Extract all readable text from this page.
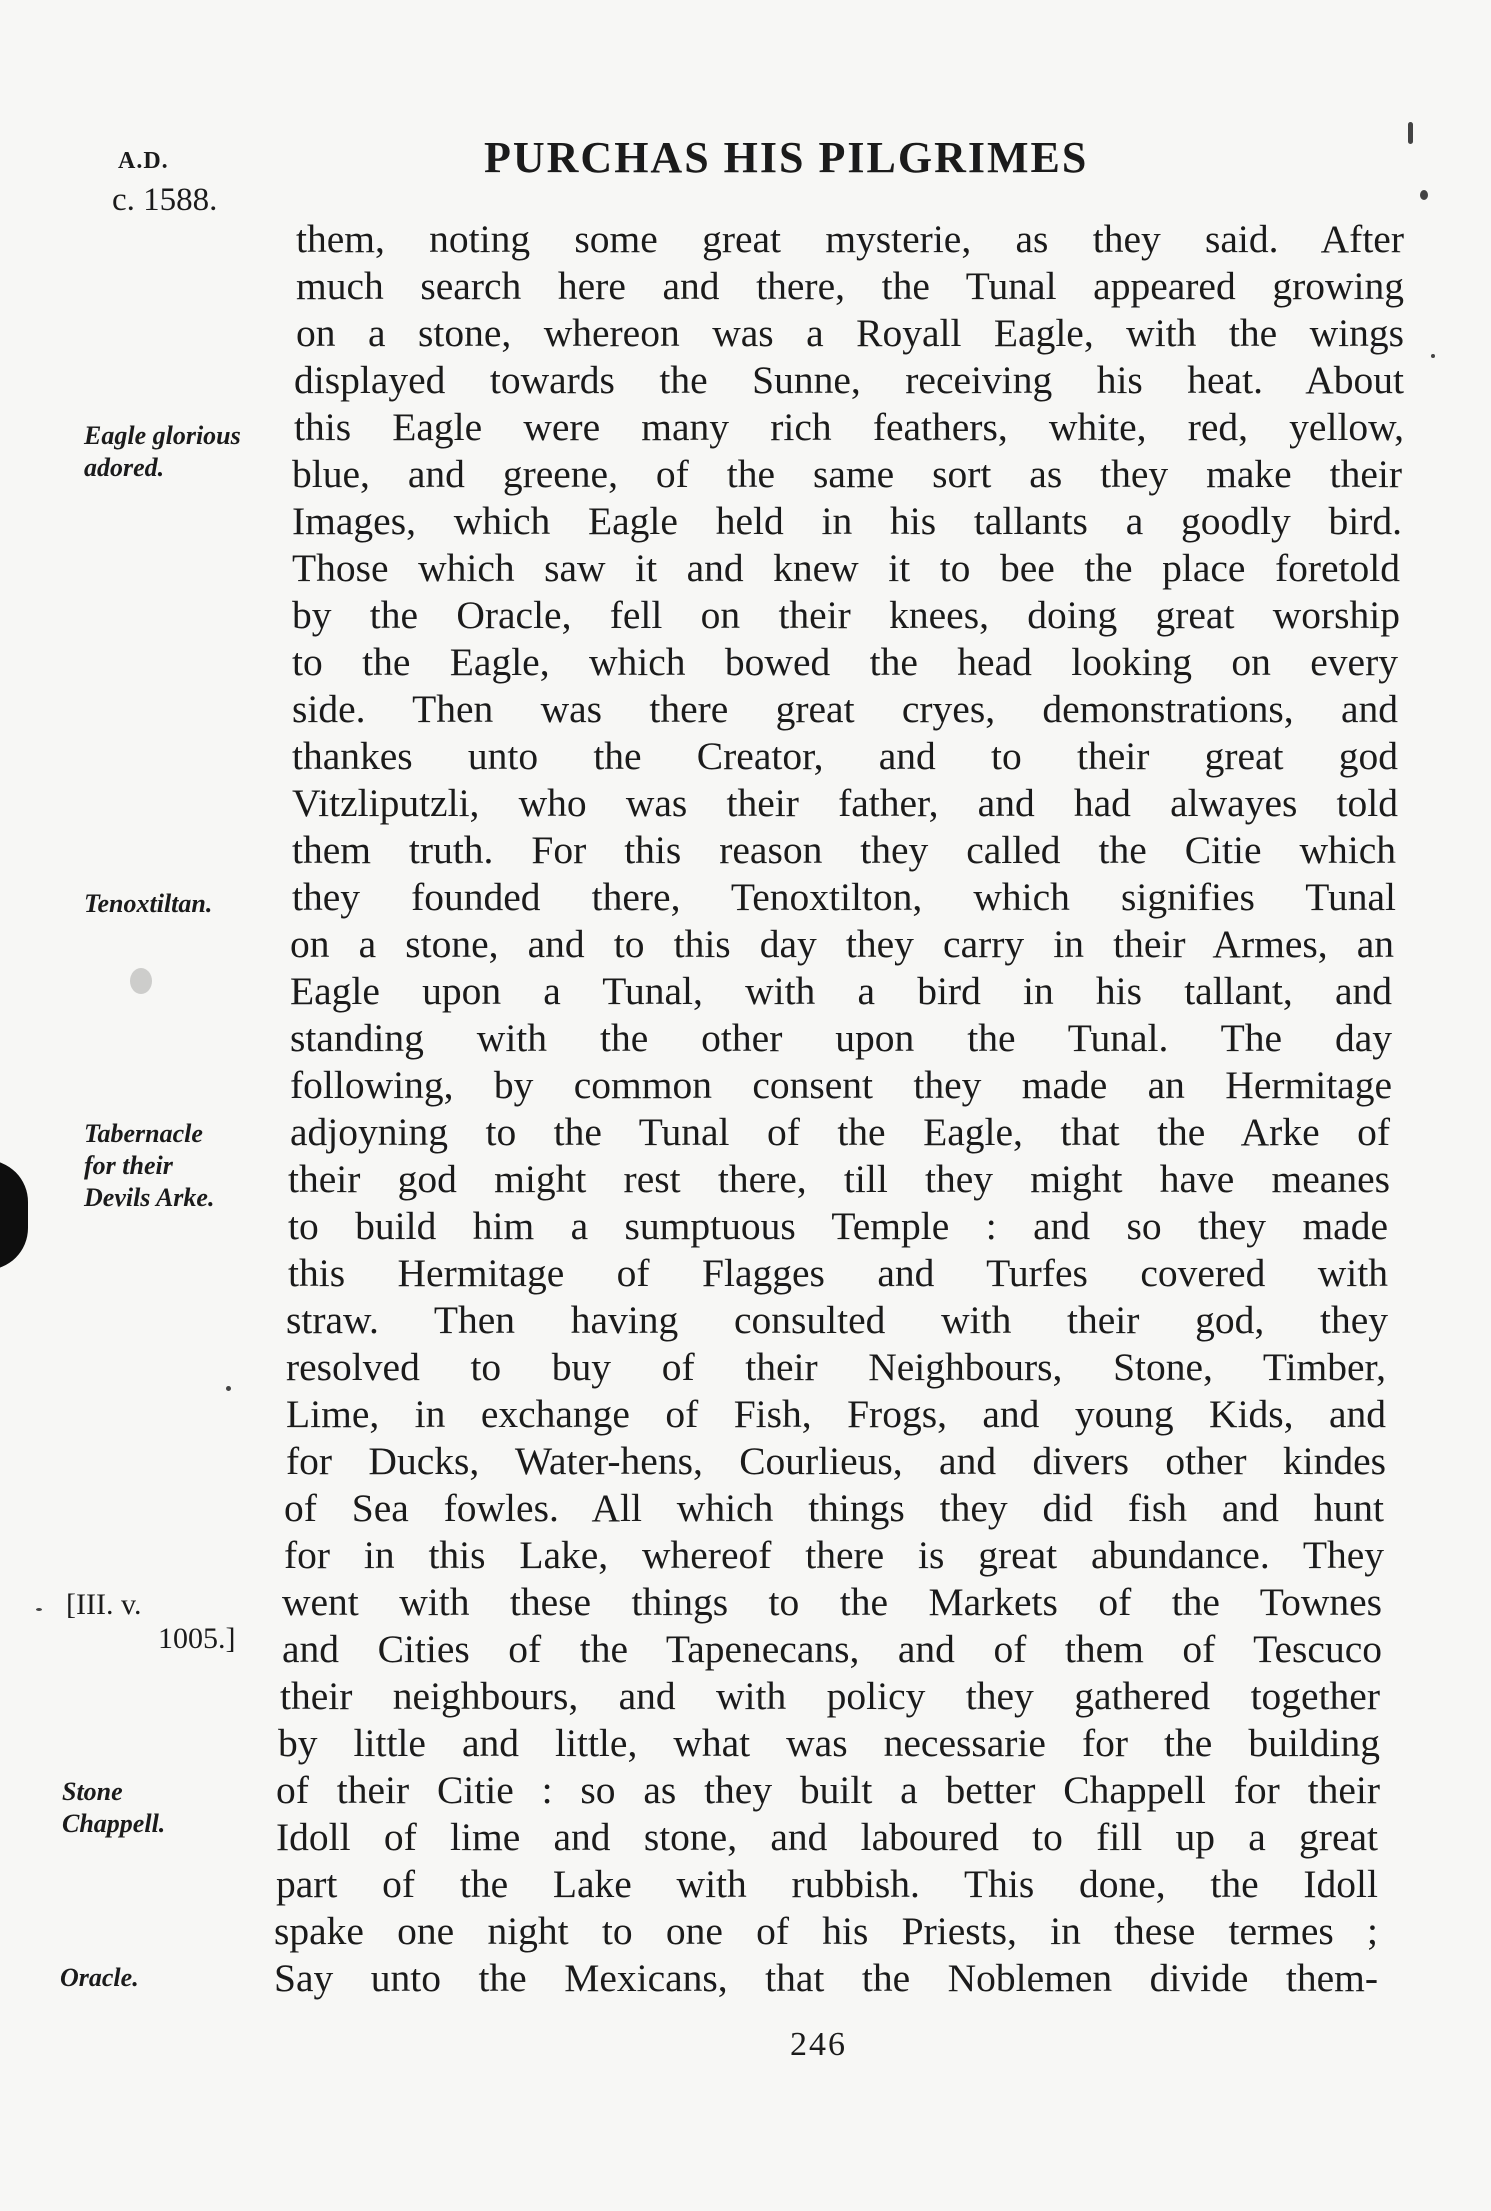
A.D.
c. 1588.
PURCHAS HIS PILGRIMES
them, noting some great mysterie, as they said. After
much search here and there, the Tunal appeared growing
on a stone, whereon was a Royall Eagle, with the wings
displayed towards the Sunne, receiving his heat. About
this Eagle were many rich feathers, white, red, yellow,
blue, and greene, of the same sort as they make their
Images, which Eagle held in his tallants a goodly bird.
Those which saw it and knew it to bee the place foretold
by the Oracle, fell on their knees, doing great worship
to the Eagle, which bowed the head looking on every
side. Then was there great cryes, demonstrations, and
thankes unto the Creator, and to their great god
Vitzliputzli, who was their father, and had alwayes told
them truth. For this reason they called the Citie which
they founded there, Tenoxtilton, which signifies Tunal
on a stone, and to this day they carry in their Armes, an
Eagle upon a Tunal, with a bird in his tallant, and
standing with the other upon the Tunal. The day
following, by common consent they made an Hermitage
adjoyning to the Tunal of the Eagle, that the Arke of
their god might rest there, till they might have meanes
to build him a sumptuous Temple : and so they made
this Hermitage of Flagges and Turfes covered with
straw. Then having consulted with their god, they
resolved to buy of their Neighbours, Stone, Timber,
Lime, in exchange of Fish, Frogs, and young Kids, and
for Ducks, Water-hens, Courlieus, and divers other kindes
of Sea fowles. All which things they did fish and hunt
for in this Lake, whereof there is great abundance. They
went with these things to the Markets of the Townes
and Cities of the Tapenecans, and of them of Tescuco
their neighbours, and with policy they gathered together
by little and little, what was necessarie for the building
of their Citie : so as they built a better Chappell for their
Idoll of lime and stone, and laboured to fill up a great
part of the Lake with rubbish. This done, the Idoll
spake one night to one of his Priests, in these termes ;
Say unto the Mexicans, that the Noblemen divide them-
Eagle glorious
adored.
Tenoxtiltan.
Tabernacle
for their
Devils Arke.
[III. v.
1005.]
Stone
Chappell.
Oracle.
246
